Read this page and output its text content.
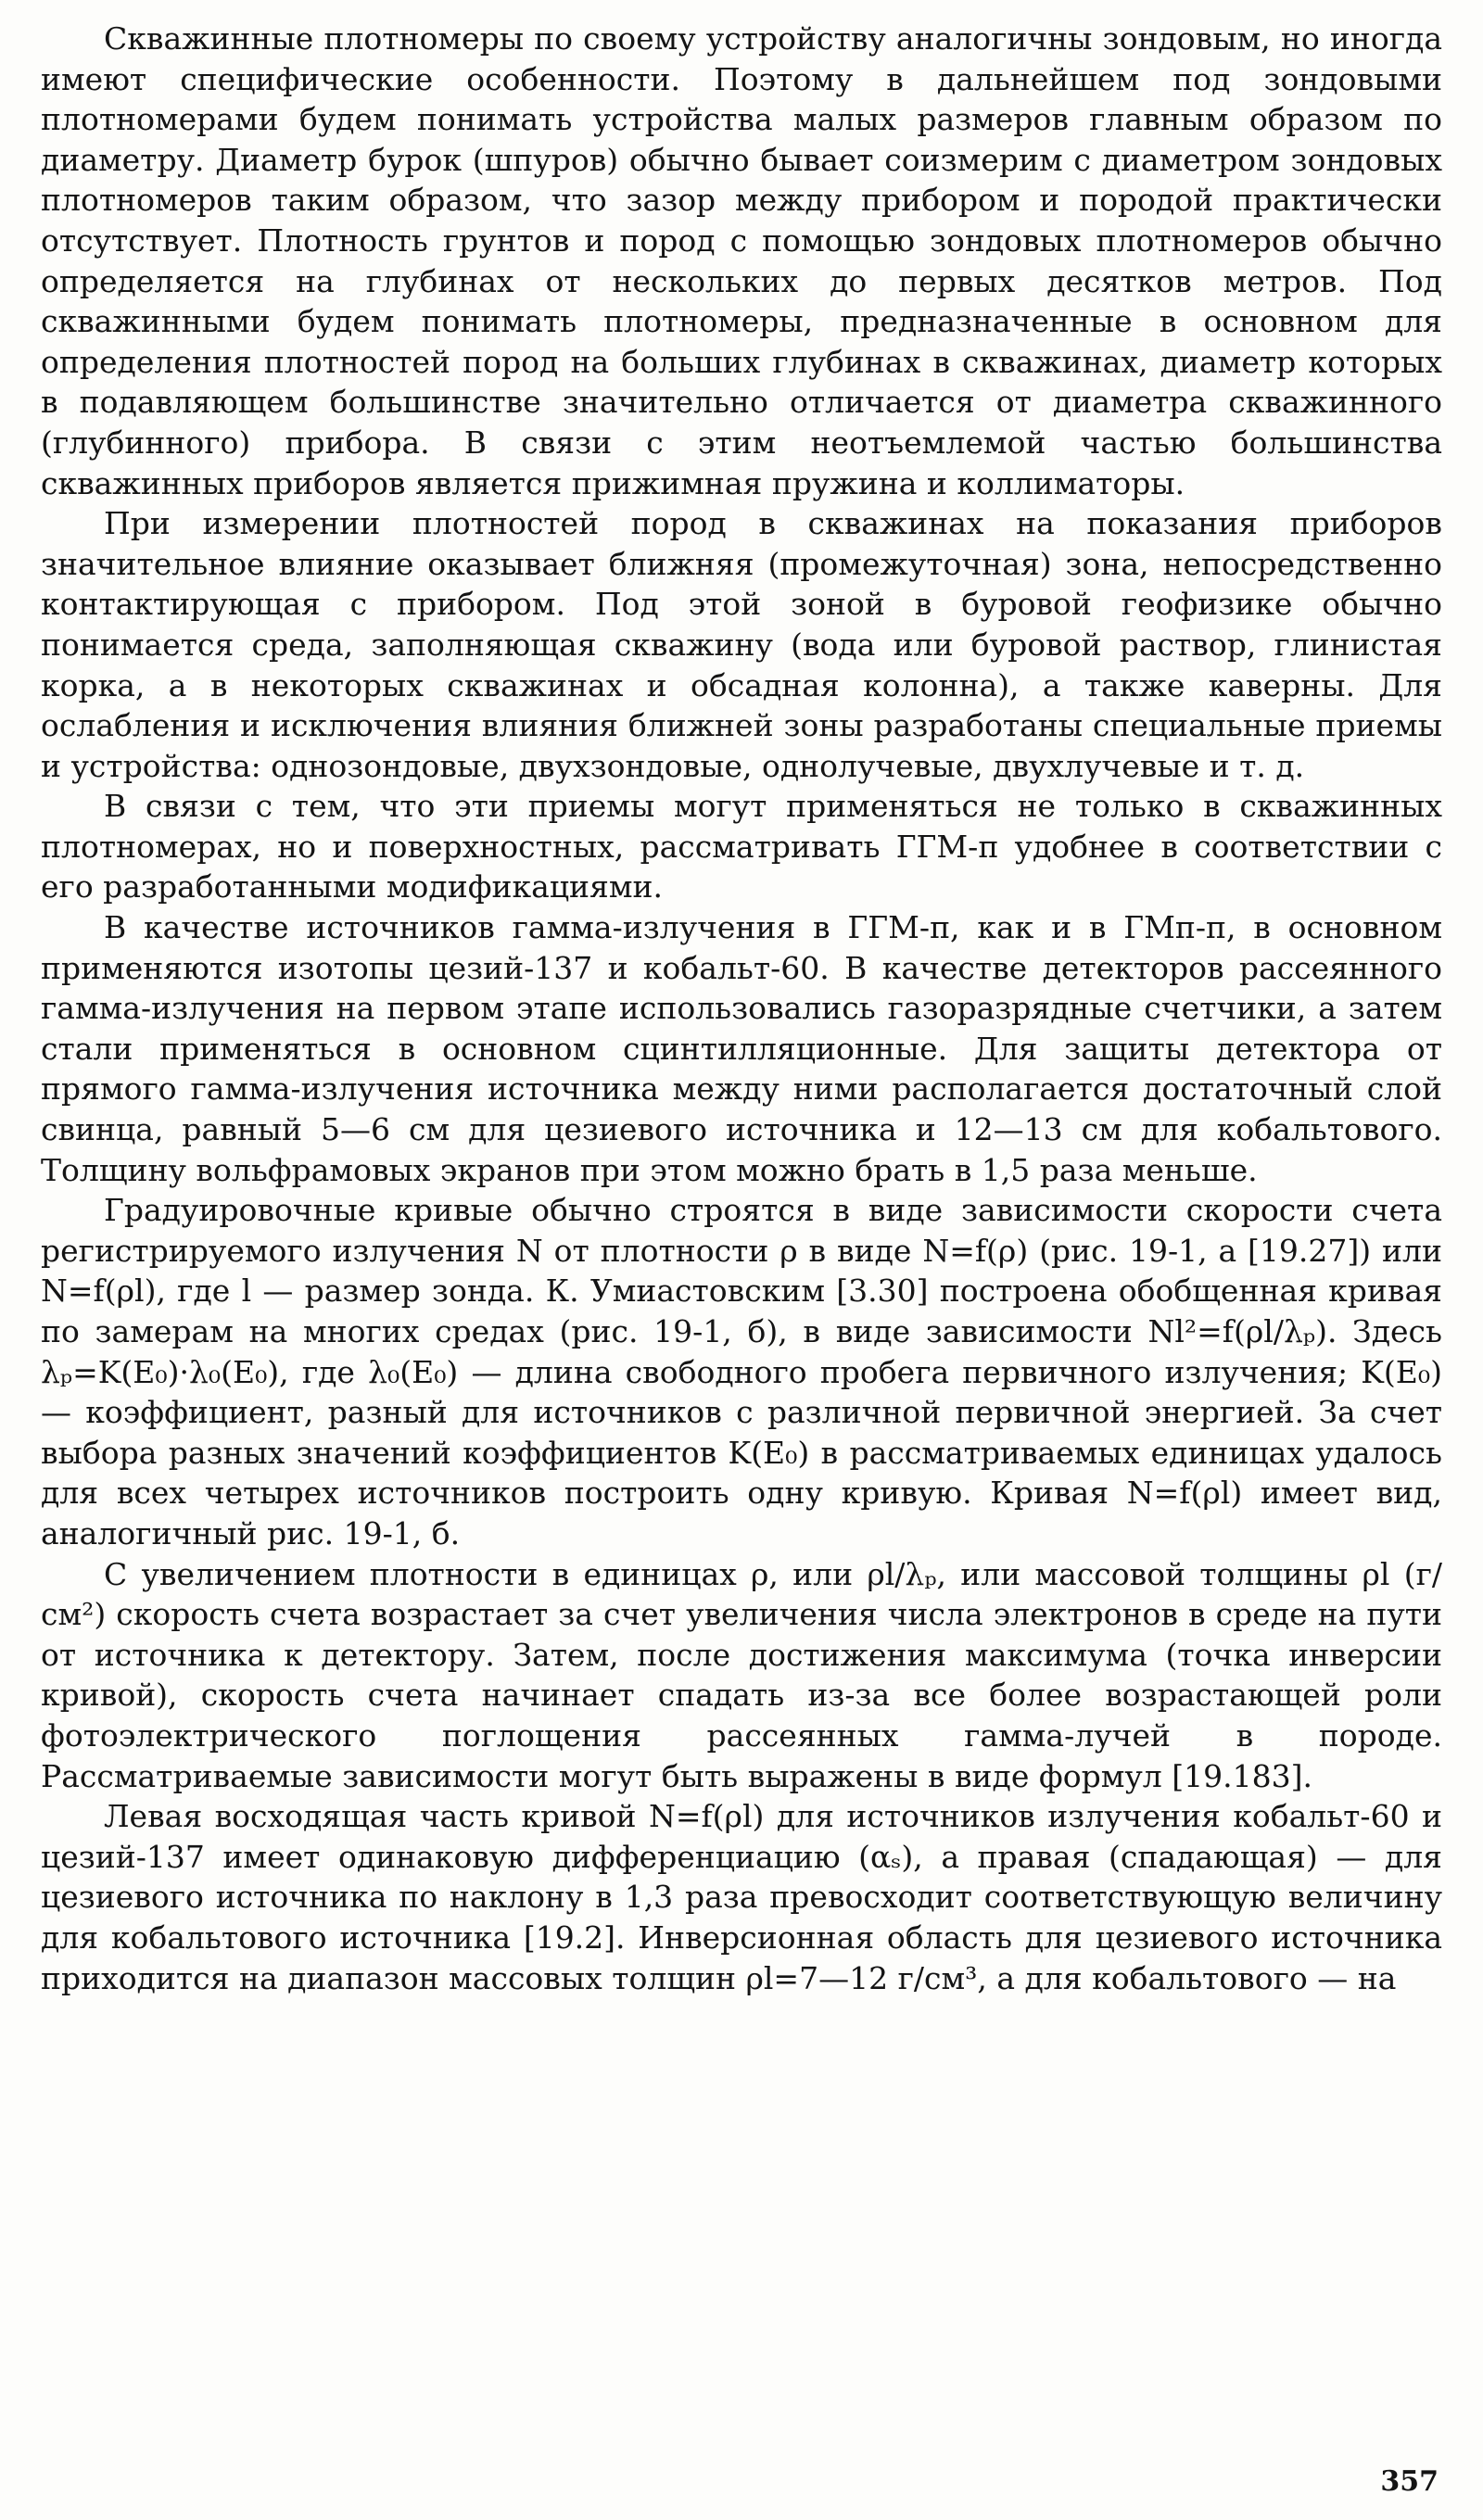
Скважинные плотномеры по своему устройству аналогичны зондовым, но иногда имеют специфические особенности. Поэтому в дальнейшем под зондовыми плотномерами будем понимать устройства малых размеров главным образом по диаметру. Диаметр бурок (шпуров) обычно бывает соизмерим с диаметром зондовых плотномеров таким образом, что зазор между прибором и породой практически отсутствует. Плотность грунтов и пород с помощью зондовых плотномеров обычно определяется на глубинах от нескольких до первых десятков метров. Под скважинными будем понимать плотномеры, предназначенные в основном для определения плотностей пород на больших глубинах в скважинах, диаметр которых в подавляющем большинстве значительно отличается от диаметра скважинного (глубинного) прибора. В связи с этим неотъемлемой частью большинства скважинных приборов является прижимная пружина и коллиматоры.

При измерении плотностей пород в скважинах на показания приборов значительное влияние оказывает ближняя (промежуточная) зона, непосредственно контактирующая с прибором. Под этой зоной в буровой геофизике обычно понимается среда, заполняющая скважину (вода или буровой раствор, глинистая корка, а в некоторых скважинах и обсадная колонна), а также каверны. Для ослабления и исключения влияния ближней зоны разработаны специальные приемы и устройства: однозондовые, двухзондовые, однолучевые, двухлучевые и т. д.

В связи с тем, что эти приемы могут применяться не только в скважинных плотномерах, но и поверхностных, рассматривать ГГМ-п удобнее в соответствии с его разработанными модификациями.

В качестве источников гамма-излучения в ГГМ-п, как и в ГМп-п, в основном применяются изотопы цезий-137 и кобальт-60. В качестве детекторов рассеянного гамма-излучения на первом этапе использовались газоразрядные счетчики, а затем стали применяться в основном сцинтилляционные. Для защиты детектора от прямого гамма-излучения источника между ними располагается достаточный слой свинца, равный 5—6 см для цезиевого источника и 12—13 см для кобальтового. Толщину вольфрамовых экранов при этом можно брать в 1,5 раза меньше.

Градуировочные кривые обычно строятся в виде зависимости скорости счета регистрируемого излучения N от плотности ρ в виде N=f(ρ) (рис. 19-1, а [19.27]) или N=f(ρl), где l — размер зонда. К. Умиастовским [3.30] построена обобщенная кривая по замерам на многих средах (рис. 19-1, б), в виде зависимости Nl²=f(ρl/λₚ). Здесь λₚ=K(E₀)·λ₀(E₀), где λ₀(E₀) — длина свободного пробега первичного излучения; K(E₀) — коэффициент, разный для источников с различной первичной энергией. За счет выбора разных значений коэффициентов K(E₀) в рассматриваемых единицах удалось для всех четырех источников построить одну кривую. Кривая N=f(ρl) имеет вид, аналогичный рис. 19-1, б.

С увеличением плотности в единицах ρ, или ρl/λₚ, или массовой толщины ρl (г/см²) скорость счета возрастает за счет увеличения числа электронов в среде на пути от источника к детектору. Затем, после достижения максимума (точка инверсии кривой), скорость счета начинает спадать из-за все более возрастающей роли фотоэлектрического поглощения рассеянных гамма-лучей в породе. Рассматриваемые зависимости могут быть выражены в виде формул [19.183].

Левая восходящая часть кривой N=f(ρl) для источников излучения кобальт-60 и цезий-137 имеет одинаковую дифференциацию (αₛ), а правая (спадающая) — для цезиевого источника по наклону в 1,3 раза превосходит соответствующую величину для кобальтового источника [19.2]. Инверсионная область для цезиевого источника приходится на диапазон массовых толщин ρl=7—12 г/см³, а для кобальтового — на

357
